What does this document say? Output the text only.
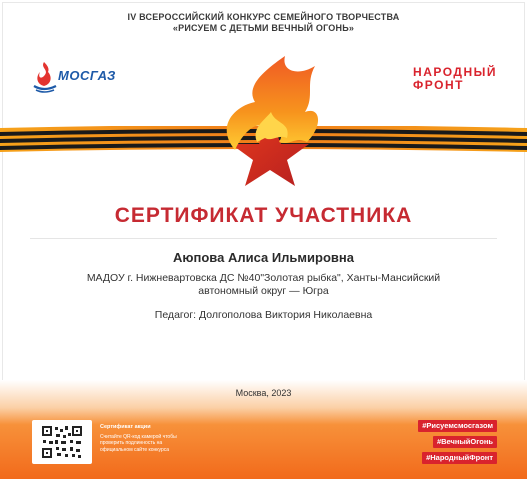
IV ВСЕРОССИЙСКИЙ КОНКУРС СЕМЕЙНОГО ТВОРЧЕСТВА
«РИСУЕМ С ДЕТЬМИ ВЕЧНЫЙ ОГОНЬ»
МОСГАЗ	НАРОДНЫЙ
ФРОНТ
СЕРТИФИКАТ УЧАСТНИКА
Аюпова Алиса Ильмировна
МАДОУ г. Нижневартовска ДС №40"Золотая рыбка", Ханты-Мансийский
автономный округ — Югра
Педагог: Долгополова Виктория Николаевна
Москва, 2023
Сертификат акции
Считайте QR-код камерой чтобы
проверить подлинность на
официальном сайте конкурса
#Рисуемсмосгазом
#ВечныйОгонь
#НародныйФронт
